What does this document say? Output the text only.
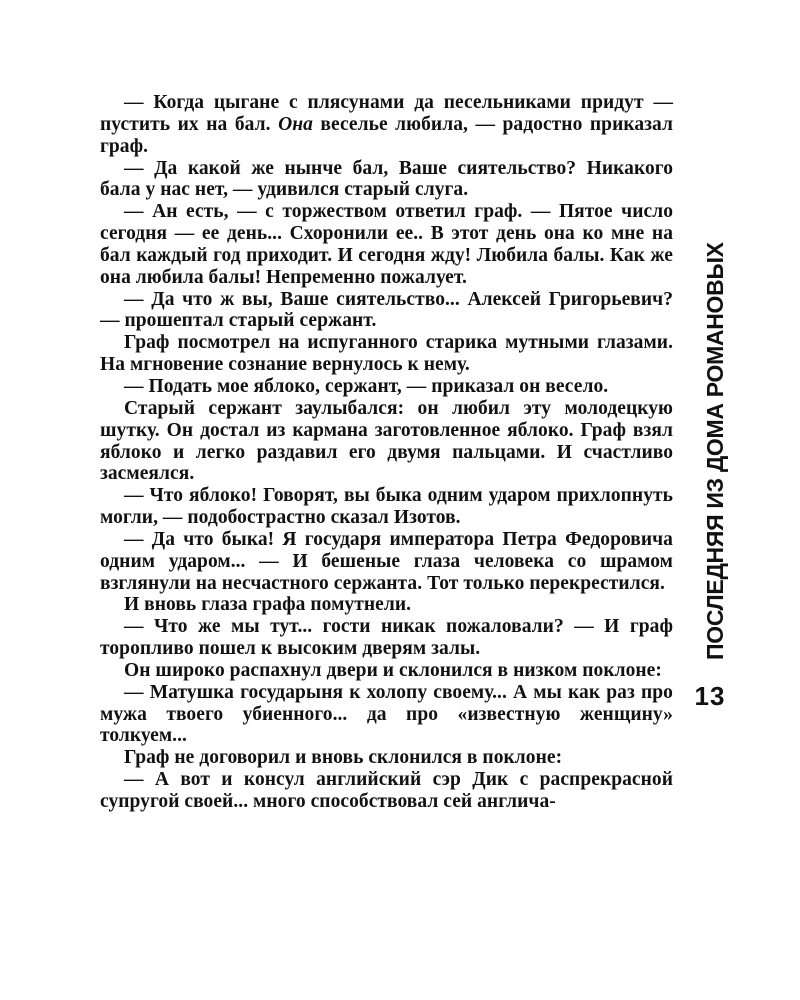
— Когда цыгане с плясунами да песельниками придут — пустить их на бал. Она веселье любила, — радостно приказал граф.

— Да какой же нынче бал, Ваше сиятельство? Никакого бала у нас нет, — удивился старый слуга.

— Ан есть, — с торжеством ответил граф. — Пятое число сегодня — ее день... Схоронили ее.. В этот день она ко мне на бал каждый год приходит. И сегодня жду! Любила балы. Как же она любила балы! Непременно пожалует.

— Да что ж вы, Ваше сиятельство... Алексей Григорьевич? — прошептал старый сержант.

Граф посмотрел на испуганного старика мутными глазами. На мгновение сознание вернулось к нему.

— Подать мое яблоко, сержант, — приказал он весело.

Старый сержант заулыбался: он любил эту молодецкую шутку. Он достал из кармана заготовленное яблоко. Граф взял яблоко и легко раздавил его двумя пальцами. И счастливо засмеялся.

— Что яблоко! Говорят, вы быка одним ударом прихлопнуть могли, — подобострастно сказал Изотов.

— Да что быка! Я государя императора Петра Федоровича одним ударом... — И бешеные глаза человека со шрамом взглянули на несчастного сержанта. Тот только перекрестился.

И вновь глаза графа помутнели.

— Что же мы тут... гости никак пожаловали? — И граф торопливо пошел к высоким дверям залы.

Он широко распахнул двери и склонился в низком поклоне:

— Матушка государыня к холопу своему... А мы как раз про мужа твоего убиенного... да про «известную женщину» толкуем...

Граф не договорил и вновь склонился в поклоне:

— А вот и консул английский сэр Дик с распрекрасной супругой своей... много способствовал сей англича-

ПОСЛЕДНЯЯ ИЗ ДОМА РОМАНОВЫХ
13
